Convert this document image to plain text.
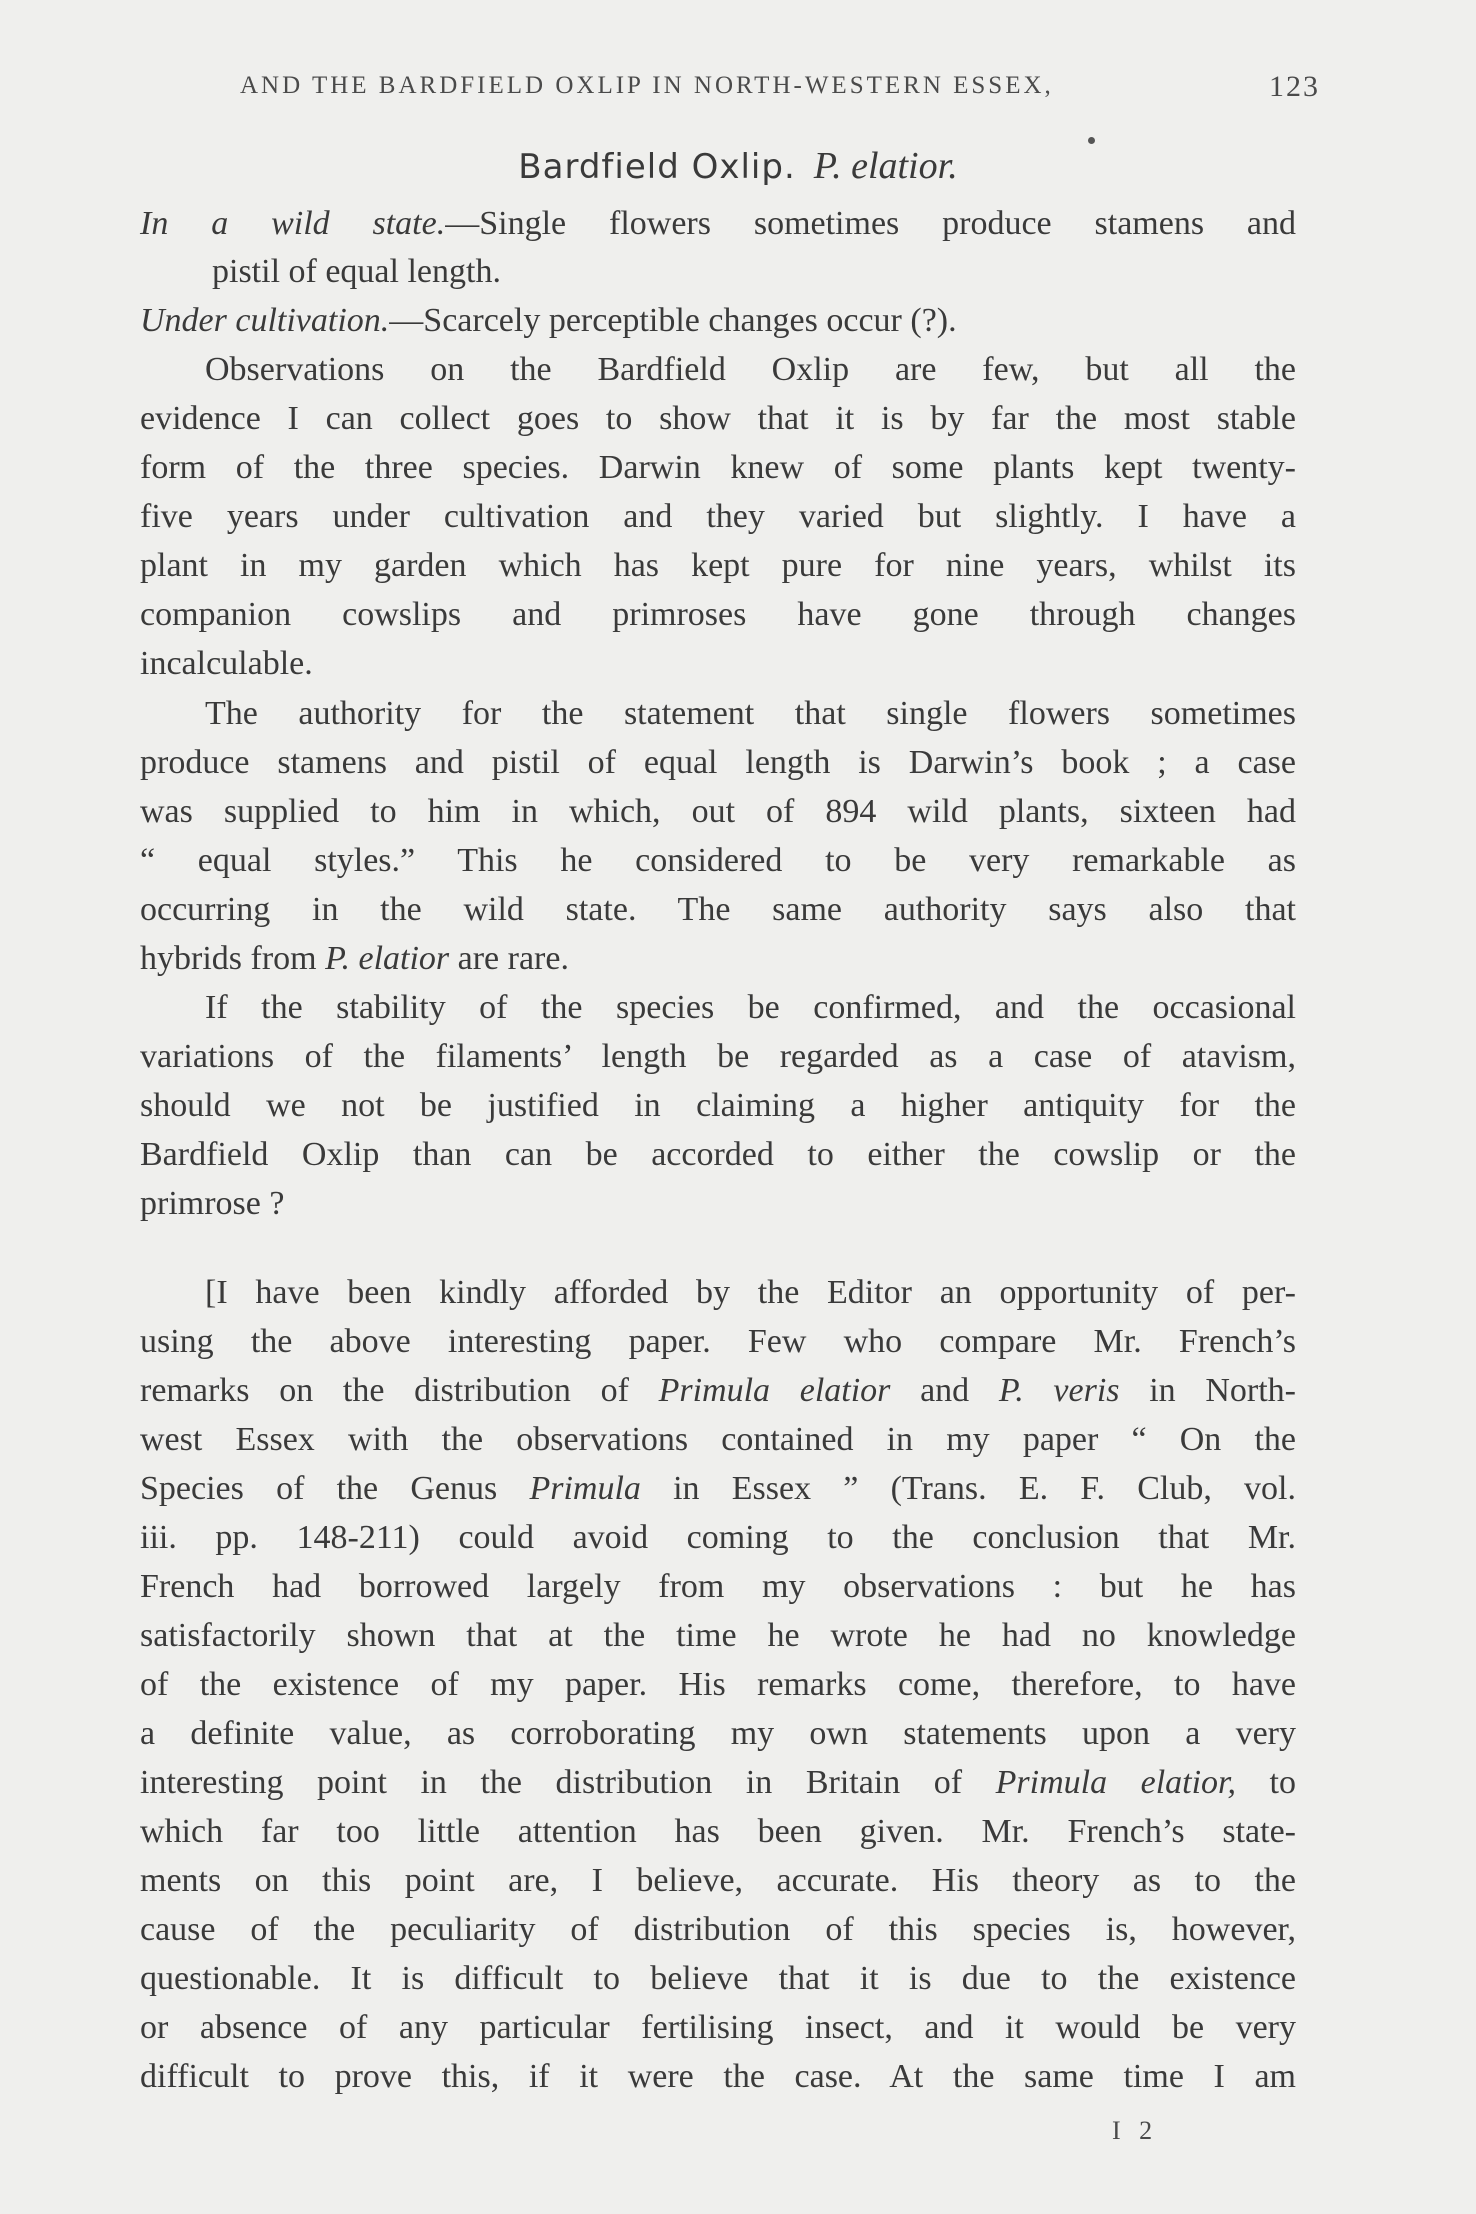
AND THE BARDFIELD OXLIP IN NORTH-WESTERN ESSEX,	123
Bardfield Oxlip. P. elatior.
In a wild state.—Single flowers sometimes produce stamens and
pistil of equal length.
Under cultivation.—Scarcely perceptible changes occur (?).
Observations on the Bardfield Oxlip are few, but all the
evidence I can collect goes to show that it is by far the most stable
form of the three species. Darwin knew of some plants kept twenty-
five years under cultivation and they varied but slightly. I have a
plant in my garden which has kept pure for nine years, whilst its
companion cowslips and primroses have gone through changes
incalculable.
The authority for the statement that single flowers sometimes
produce stamens and pistil of equal length is Darwin’s book ; a case
was supplied to him in which, out of 894 wild plants, sixteen had
“ equal styles.” This he considered to be very remarkable as
occurring in the wild state. The same authority says also that
hybrids from P. elatior are rare.
If the stability of the species be confirmed, and the occasional
variations of the filaments’ length be regarded as a case of atavism,
should we not be justified in claiming a higher antiquity for the
Bardfield Oxlip than can be accorded to either the cowslip or the
primrose ?
[I have been kindly afforded by the Editor an opportunity of per-
using the above interesting paper. Few who compare Mr. French’s
remarks on the distribution of Primula elatior and P. veris in North-
west Essex with the observations contained in my paper “ On the
Species of the Genus Primula in Essex ” (Trans. E. F. Club, vol.
iii. pp. 148-211) could avoid coming to the conclusion that Mr.
French had borrowed largely from my observations : but he has
satisfactorily shown that at the time he wrote he had no knowledge
of the existence of my paper. His remarks come, therefore, to have
a definite value, as corroborating my own statements upon a very
interesting point in the distribution in Britain of Primula elatior, to
which far too little attention has been given. Mr. French’s state-
ments on this point are, I believe, accurate. His theory as to the
cause of the peculiarity of distribution of this species is, however,
questionable. It is difficult to believe that it is due to the existence
or absence of any particular fertilising insect, and it would be very
difficult to prove this, if it were the case. At the same time I am
I 2
